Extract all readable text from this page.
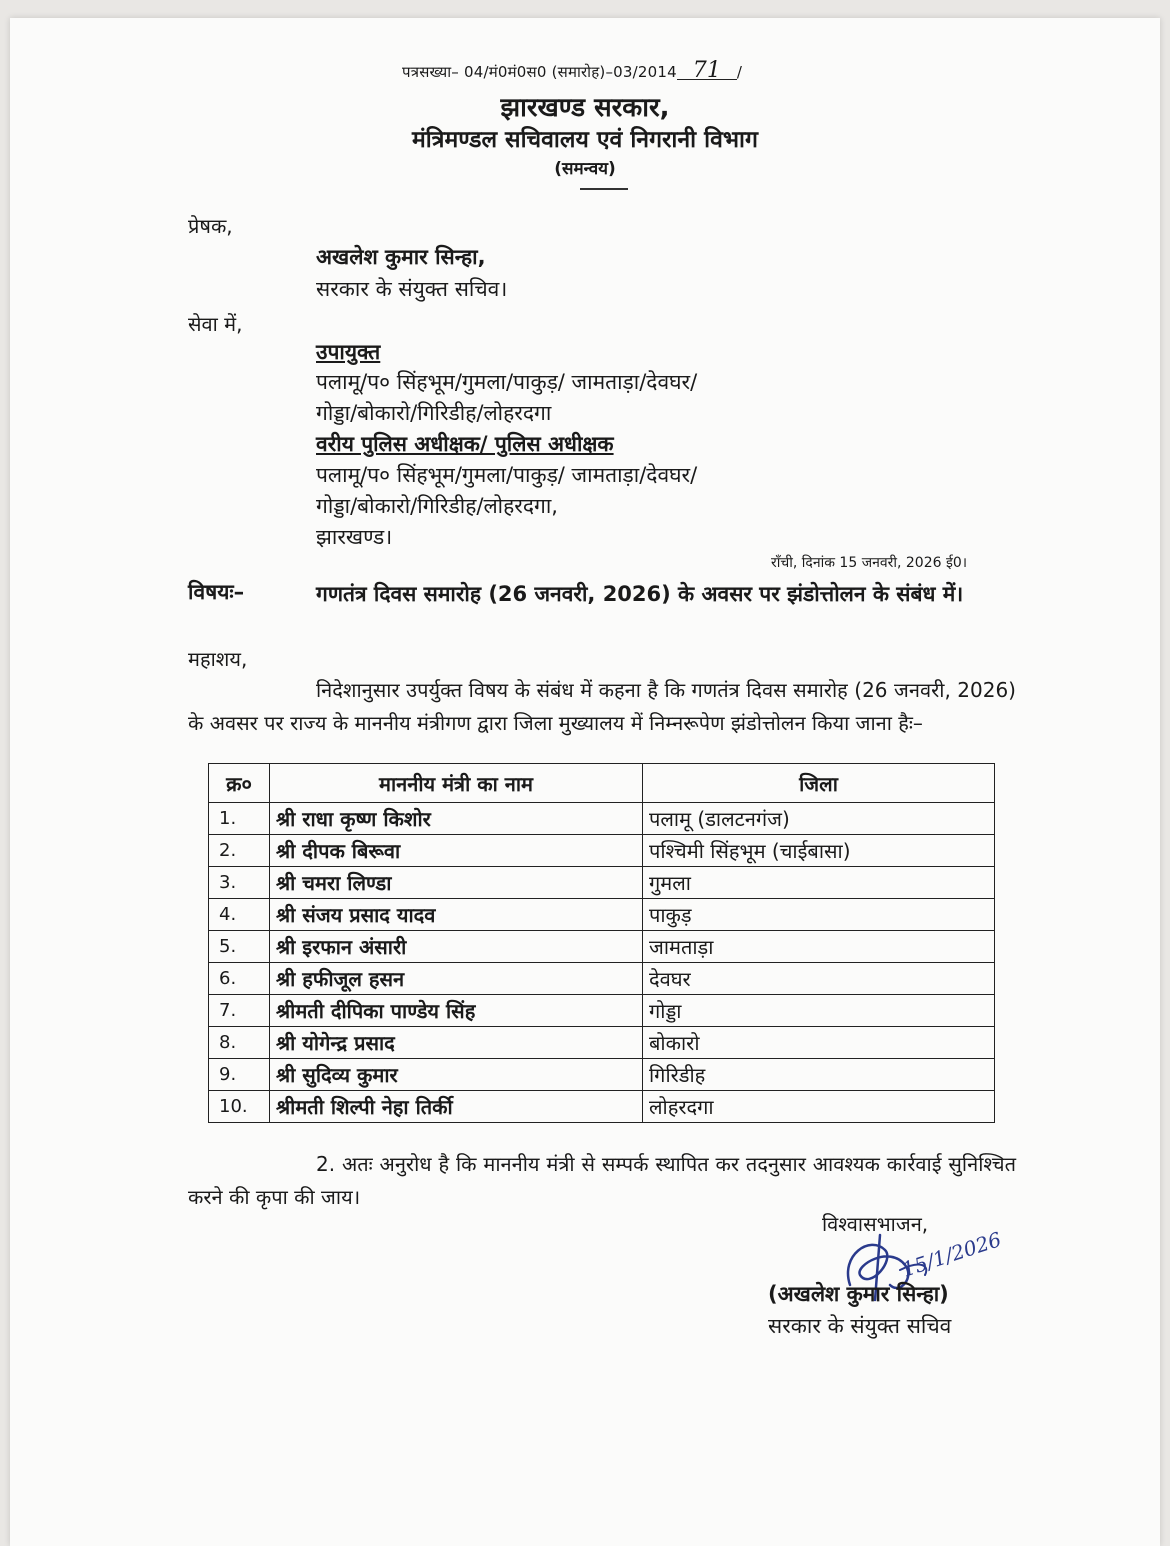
पत्रसख्या– 04/मं0मं0स0 (समारोह)–03/2014 71 /
झारखण्ड सरकार,
मंत्रिमण्डल सचिवालय एवं निगरानी विभाग
(समन्वय)
प्रेषक,
अखलेश कुमार सिन्हा,
सरकार के संयुक्त सचिव।
सेवा में,
उपायुक्त
पलामू/प० सिंहभूम/गुमला/पाकुड़/ जामताड़ा/देवघर/
गोड्डा/बोकारो/गिरिडीह/लोहरदगा
वरीय पुलिस अधीक्षक/ पुलिस अधीक्षक
पलामू/प० सिंहभूम/गुमला/पाकुड़/ जामताड़ा/देवघर/
गोड्डा/बोकारो/गिरिडीह/लोहरदगा,
झारखण्ड।
राँची, दिनांक 15 जनवरी, 2026 ई0।
विषयः–	गणतंत्र दिवस समारोह (26 जनवरी, 2026) के अवसर पर झंडोत्तोलन के संबंध में।
महाशय,
निदेशानुसार उपर्युक्त विषय के संबंध में कहना है कि गणतंत्र दिवस समारोह (26 जनवरी, 2026) के अवसर पर राज्य के माननीय मंत्रीगण द्वारा जिला मुख्यालय में निम्नरूपेण झंडोत्तोलन किया जाना हैः–
क्र०	माननीय मंत्री का नाम	जिला
1.	श्री राधा कृष्ण किशोर	पलामू (डालटनगंज)
2.	श्री दीपक बिरूवा	पश्चिमी सिंहभूम (चाईबासा)
3.	श्री चमरा लिण्डा	गुमला
4.	श्री संजय प्रसाद यादव	पाकुड़
5.	श्री इरफान अंसारी	जामताड़ा
6.	श्री हफीजूल हसन	देवघर
7.	श्रीमती दीपिका पाण्डेय सिंह	गोड्डा
8.	श्री योगेन्द्र प्रसाद	बोकारो
9.	श्री सुदिव्य कुमार	गिरिडीह
10.	श्रीमती शिल्पी नेहा तिर्की	लोहरदगा
2. अतः अनुरोध है कि माननीय मंत्री से सम्पर्क स्थापित कर तदनुसार आवश्यक कार्रवाई सुनिश्चित करने की कृपा की जाय।
विश्वासभाजन,
15/1/2026
(अखलेश कुमार सिन्हा)
सरकार के संयुक्त सचिव
